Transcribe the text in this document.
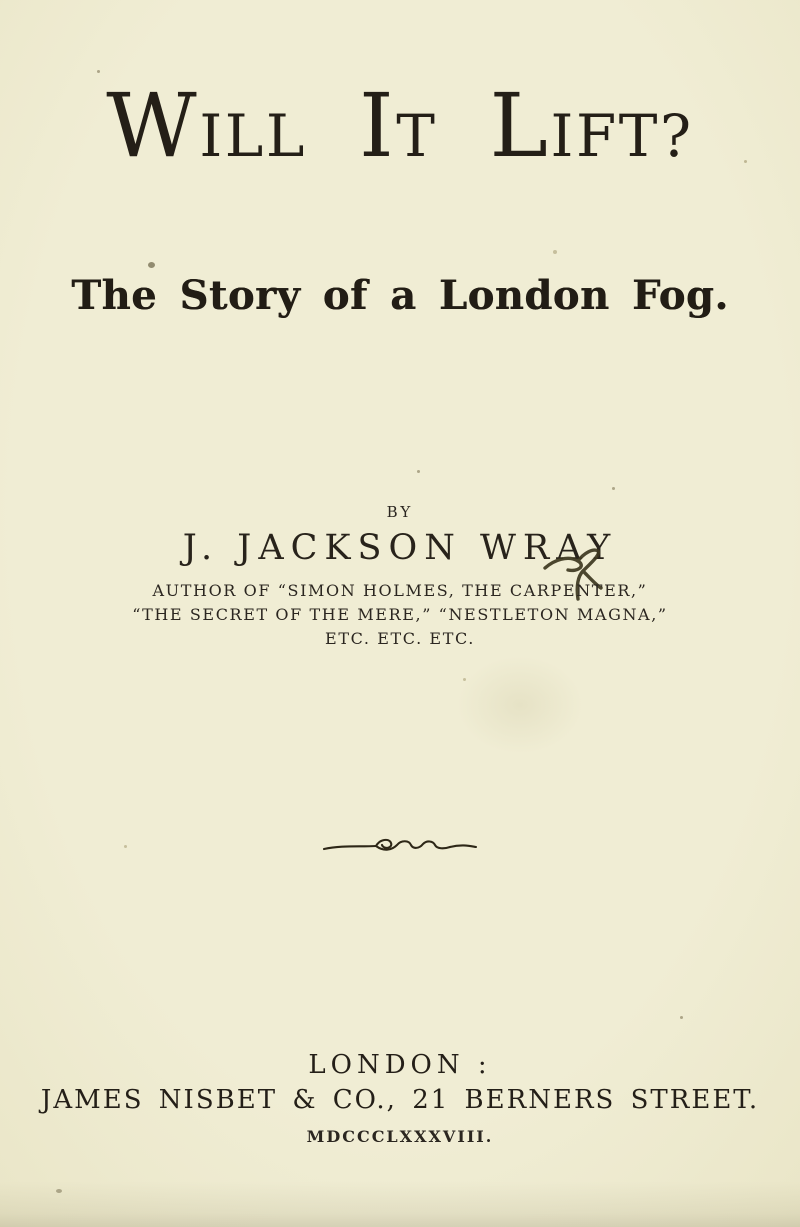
WILL IT LIFT?
The Story of a London Fog.
BY
J. JACKSON WRAY
AUTHOR OF “SIMON HOLMES, THE CARPENTER,”
“THE SECRET OF THE MERE,” “NESTLETON MAGNA,”
ETC. ETC. ETC.
LONDON :
JAMES NISBET & CO., 21 BERNERS STREET.
MDCCCLXXXVIII.
